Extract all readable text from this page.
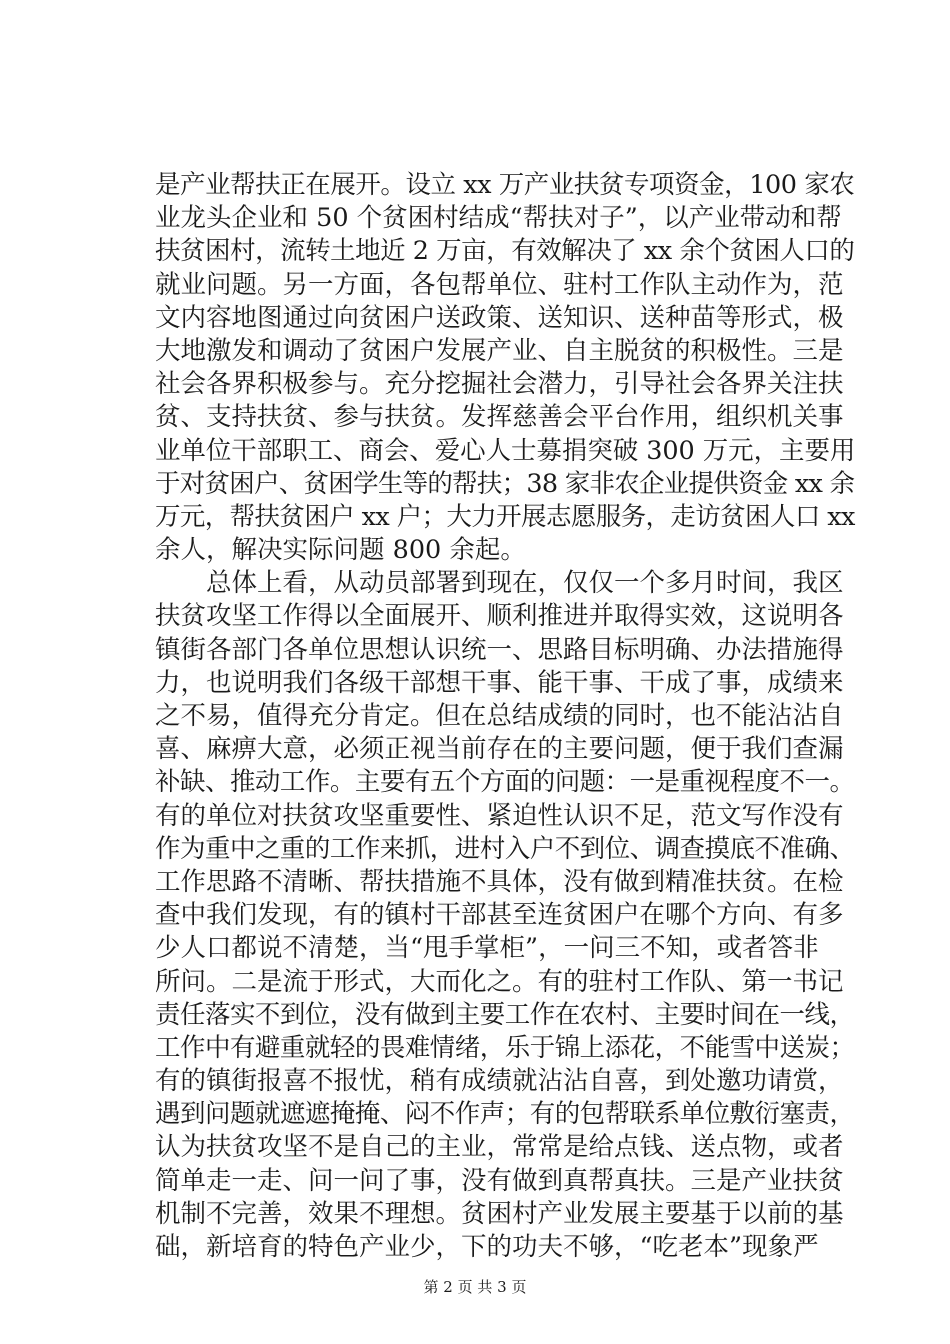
是产业帮扶正在展开。设立 xx 万产业扶贫专项资金，100 家农
业龙头企业和 50 个贫困村结成“帮扶对子”，以产业带动和帮
扶贫困村，流转土地近 2 万亩，有效解决了 xx 余个贫困人口的
就业问题。另一方面，各包帮单位、驻村工作队主动作为，范
文内容地图通过向贫困户送政策、送知识、送种苗等形式，极
大地激发和调动了贫困户发展产业、自主脱贫的积极性。三是
社会各界积极参与。充分挖掘社会潜力，引导社会各界关注扶
贫、支持扶贫、参与扶贫。发挥慈善会平台作用，组织机关事
业单位干部职工、商会、爱心人士募捐突破 300 万元，主要用
于对贫困户、贫困学生等的帮扶；38 家非农企业提供资金 xx 余
万元，帮扶贫困户 xx 户；大力开展志愿服务，走访贫困人口 xx
余人，解决实际问题 800 余起。
　　总体上看，从动员部署到现在，仅仅一个多月时间，我区
扶贫攻坚工作得以全面展开、顺利推进并取得实效，这说明各
镇街各部门各单位思想认识统一、思路目标明确、办法措施得
力，也说明我们各级干部想干事、能干事、干成了事，成绩来
之不易，值得充分肯定。但在总结成绩的同时，也不能沾沾自
喜、麻痹大意，必须正视当前存在的主要问题，便于我们查漏
补缺、推动工作。主要有五个方面的问题：一是重视程度不一。
有的单位对扶贫攻坚重要性、紧迫性认识不足，范文写作没有
作为重中之重的工作来抓，进村入户不到位、调查摸底不准确、
工作思路不清晰、帮扶措施不具体，没有做到精准扶贫。在检
查中我们发现，有的镇村干部甚至连贫困户在哪个方向、有多
少人口都说不清楚，当“甩手掌柜”，一问三不知，或者答非
所问。二是流于形式，大而化之。有的驻村工作队、第一书记
责任落实不到位，没有做到主要工作在农村、主要时间在一线，
工作中有避重就轻的畏难情绪，乐于锦上添花，不能雪中送炭；
有的镇街报喜不报忧，稍有成绩就沾沾自喜，到处邀功请赏，
遇到问题就遮遮掩掩、闷不作声；有的包帮联系单位敷衍塞责，
认为扶贫攻坚不是自己的主业，常常是给点钱、送点物，或者
简单走一走、问一问了事，没有做到真帮真扶。三是产业扶贫
机制不完善，效果不理想。贫困村产业发展主要基于以前的基
础，新培育的特色产业少，下的功夫不够，“吃老本”现象严
第 2 页 共 3 页
